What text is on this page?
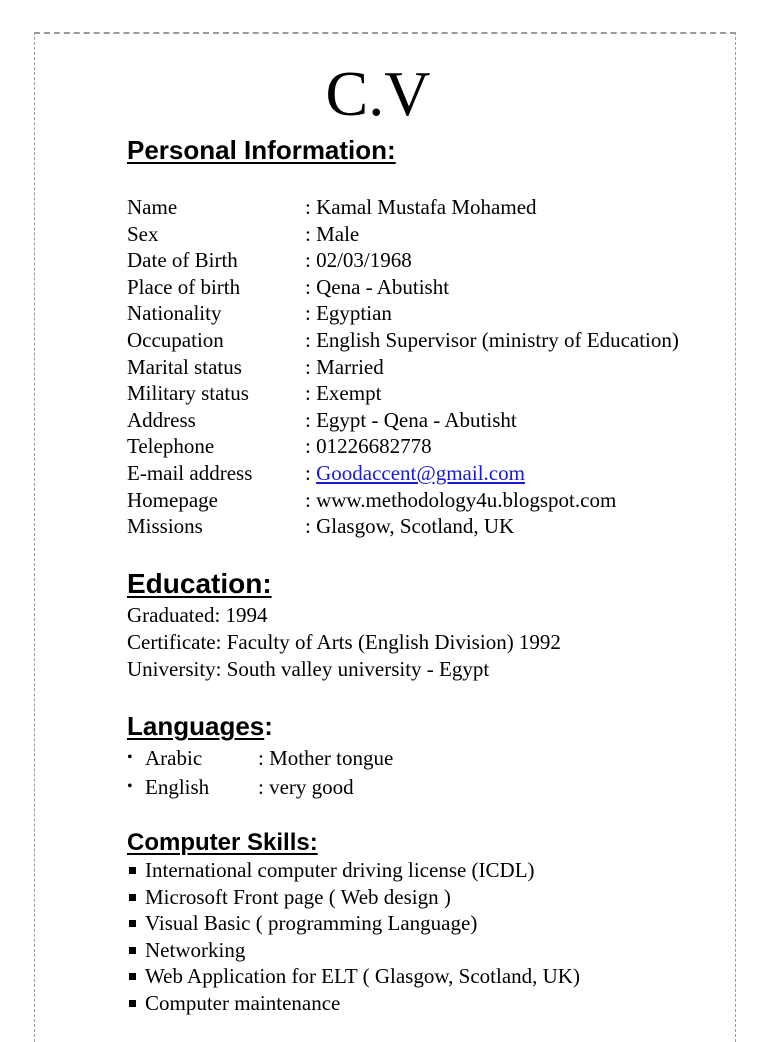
C.V
Personal Information:
Name	: Kamal Mustafa Mohamed
Sex	: Male
Date of Birth	: 02/03/1968
Place of birth	: Qena - Abutisht
Nationality	: Egyptian
Occupation	: English Supervisor (ministry of Education)
Marital status	: Married
Military status	: Exempt
Address	: Egypt - Qena - Abutisht
Telephone	: 01226682778
E-mail address	: Goodaccent@gmail.com
Homepage	: www.methodology4u.blogspot.com
Missions	: Glasgow, Scotland, UK
Education:
Graduated: 1994
Certificate: Faculty of Arts (English Division) 1992
University: South valley university - Egypt
Languages:
• Arabic	: Mother tongue
• English : very good
Computer Skills:
International computer driving license (ICDL)
Microsoft Front page ( Web design )
Visual Basic ( programming Language)
Networking
Web Application for ELT ( Glasgow, Scotland, UK)
Computer maintenance
